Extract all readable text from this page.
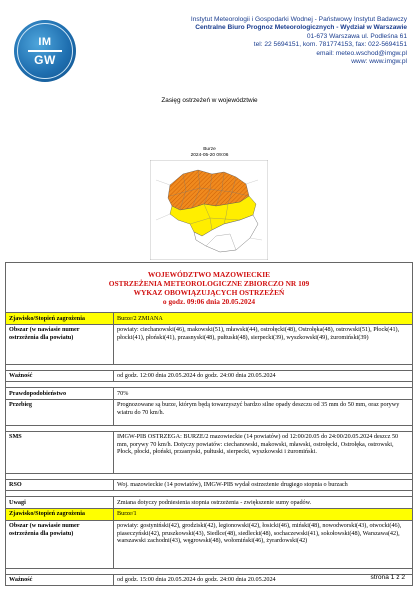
IM
GW
Instytut Meteorologii i Gospodarki Wodnej - Państwowy Instytut Badawczy
Centralne Biuro Prognoz Meteorologicznych - Wydział w Warszawie
01-673 Warszawa ul. Podleśna 61
tel: 22 5694151, kom. 781774153, fax: 022-5694151
email: meteo.wschod@imgw.pl
www: www.imgw.pl
Zasięg ostrzeżeń w województwie
Burze
2024-05-20 09:06
WOJEWÓDZTWO MAZOWIECKIE
OSTRZEŻENIA METEOROLOGICZNE ZBIORCZO NR 109
WYKAZ OBOWIĄZUJĄCYCH OSTRZEŻEŃ
o godz. 09:06 dnia 20.05.2024	

Zjawisko/Stopień zagrożenia	Burze/2 ZMIANA
Obszar (w nawiasie numer ostrzeżenia dla powiatu)	powiaty: ciechanowski(46), makowski(51), mławski(44), ostrołęcki(48), Ostrołęka(48), ostrowski(51), Płock(41), płocki(41), płoński(41), przasnyski(48), pułtuski(48), sierpecki(39), wyszkowski(49), żuromiński(39)

Ważność	od godz. 12:00 dnia 20.05.2024 do godz. 24:00 dnia 20.05.2024

Prawdopodobieństwo	70%
Przebieg	Prognozowane są burze, którym będą towarzyszyć bardzo silne opady deszczu od 35 mm do 50 mm, oraz porywy wiatru do 70 km/h.

SMS	IMGW-PIB OSTRZEGA: BURZE/2 mazowieckie (14 powiatów) od 12:00/20.05 do 24:00/20.05.2024 deszcz 50 mm, porywy 70 km/h. Dotyczy powiatów: ciechanowski, makowski, mławski, ostrołęcki, Ostrołęka, ostrowski, Płock, płocki, płoński, przasnyski, pułtuski, sierpecki, wyszkowski i żuromiński.

RSO	Woj. mazowieckie (14 powiatów), IMGW-PIB wydał ostrzeżenie drugiego stopnia o burzach

Uwagi	Zmiana dotyczy podniesienia stopnia ostrzeżenia - zwiększenie sumy opadów.
Zjawisko/Stopień zagrożenia	Burze/1
Obszar (w nawiasie numer ostrzeżenia dla powiatu)	powiaty: gostyniński(42), grodziski(42), legionowski(42), łosicki(46), miński(48), nowodworski(43), otwocki(46), piaseczyński(42), pruszkowski(43), Siedlce(48), siedlecki(48), sochaczewski(41), sokołowski(48), Warszawa(42), warszawski zachodni(43), węgrowski(48), wołomiński(46), żyrardowski(42)

Ważność	od godz. 15:00 dnia 20.05.2024 do godz. 24:00 dnia 20.05.2024	strona 1 z 2
